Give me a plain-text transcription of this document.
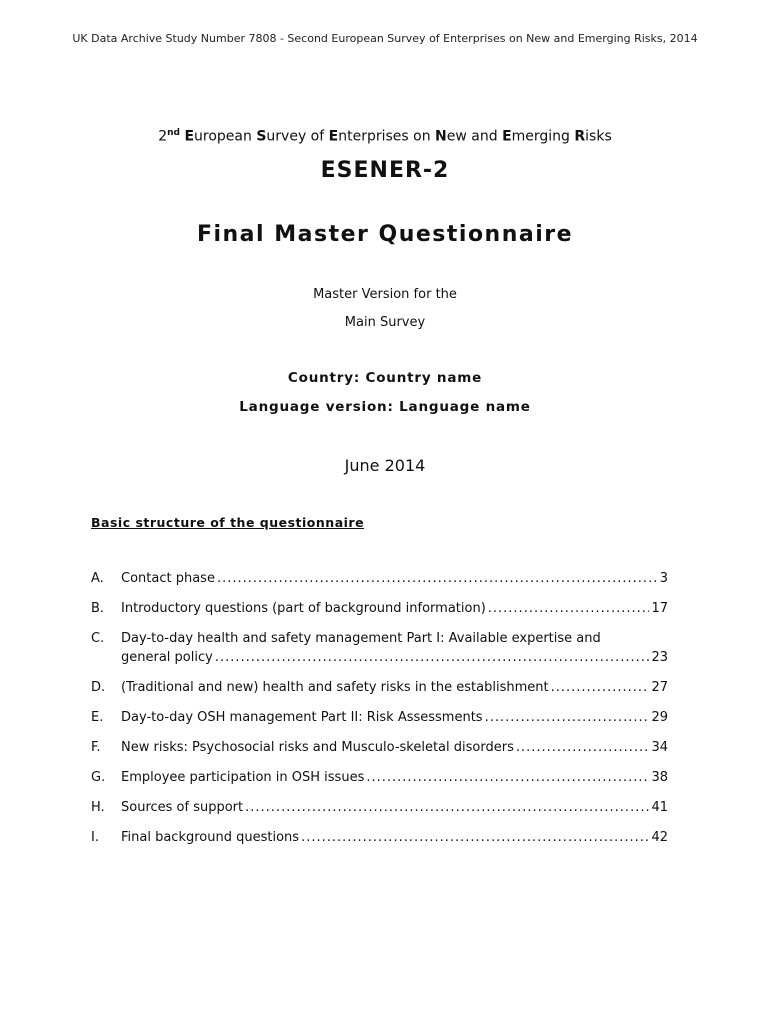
UK Data Archive Study Number 7808 - Second European Survey of Enterprises on New and Emerging Risks, 2014
2nd European Survey of Enterprises on New and Emerging Risks
ESENER-2
Final Master Questionnaire
Master Version for the
Main Survey
Country: Country name
Language version: Language name
June 2014
Basic structure of the questionnaire
A.	Contact phase .....	3
B.	Introductory questions (part of background information) .....	17
C.	Day-to-day health and safety management Part I: Available expertise and
general policy .....	23
D.	(Traditional and new) health and safety risks in the establishment .....	27
E.	Day-to-day OSH management Part II: Risk Assessments .....	29
F.	New risks: Psychosocial risks and Musculo-skeletal disorders .....	34
G.	Employee participation in OSH issues .....	38
H.	Sources of support .....	41
I.	Final background questions .....	42
